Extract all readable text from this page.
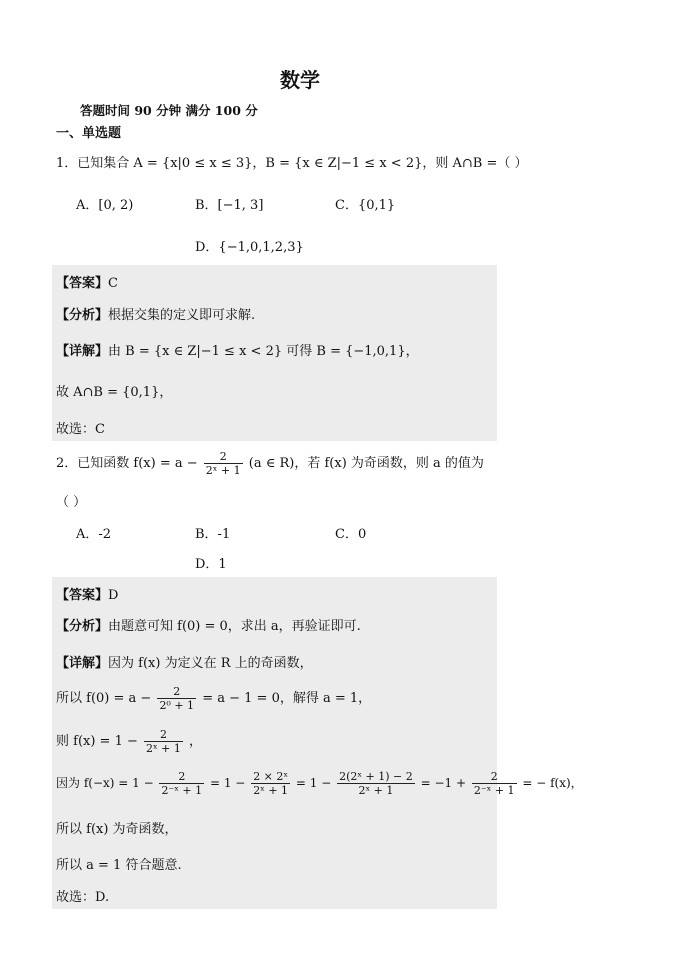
数学
答题时间 90 分钟 满分 100 分
一、单选题
1．已知集合 A = {x|0 ≤ x ≤ 3}，B = {x ∈ Z|−1 ≤ x < 2}，则 A∩B =（ ）
A．[0, 2)	B．[−1, 3]	C．{0,1}
D．{−1,0,1,2,3}
【答案】C
【分析】根据交集的定义即可求解.
【详解】由 B = {x ∈ Z|−1 ≤ x < 2} 可得 B = {−1,0,1}，
故 A∩B = {0,1}，
故选：C
2．已知函数 $f(x) = a - \frac{2}{\text{2ˣ + 1}} (a$ ∈ R)，若 f(x) 为奇函数，则 a 的值为
（ ）
A．-2	B．-1	C．0
D．1
【答案】D
【分析】由题意可知 f(0) = 0，求出 a，再验证即可.
【详解】因为 f(x) 为定义在 R 上的奇函数，
所以 $f(0) = a - \frac{2}{\text{2⁰ + 1}} = a - 1 = 0$，解得 a = 1，
则 $f(x) = 1 - \frac{2}{\text{2ˣ + 1}}$ ，
因为 $f(-x) = 1 - \frac{2}{\text{2⁻ˣ + 1}} = 1 - \frac{\text{2 × 2ˣ}}{\text{2ˣ + 1}} = 1 - \frac{\text{2(2ˣ + 1) − 2}}{\text{2ˣ + 1}} = -1 + \frac{2}{\text{2⁻ˣ + 1}}$ = − f(x)，
所以 f(x) 为奇函数，
所以 a = 1 符合题意.
故选：D.
